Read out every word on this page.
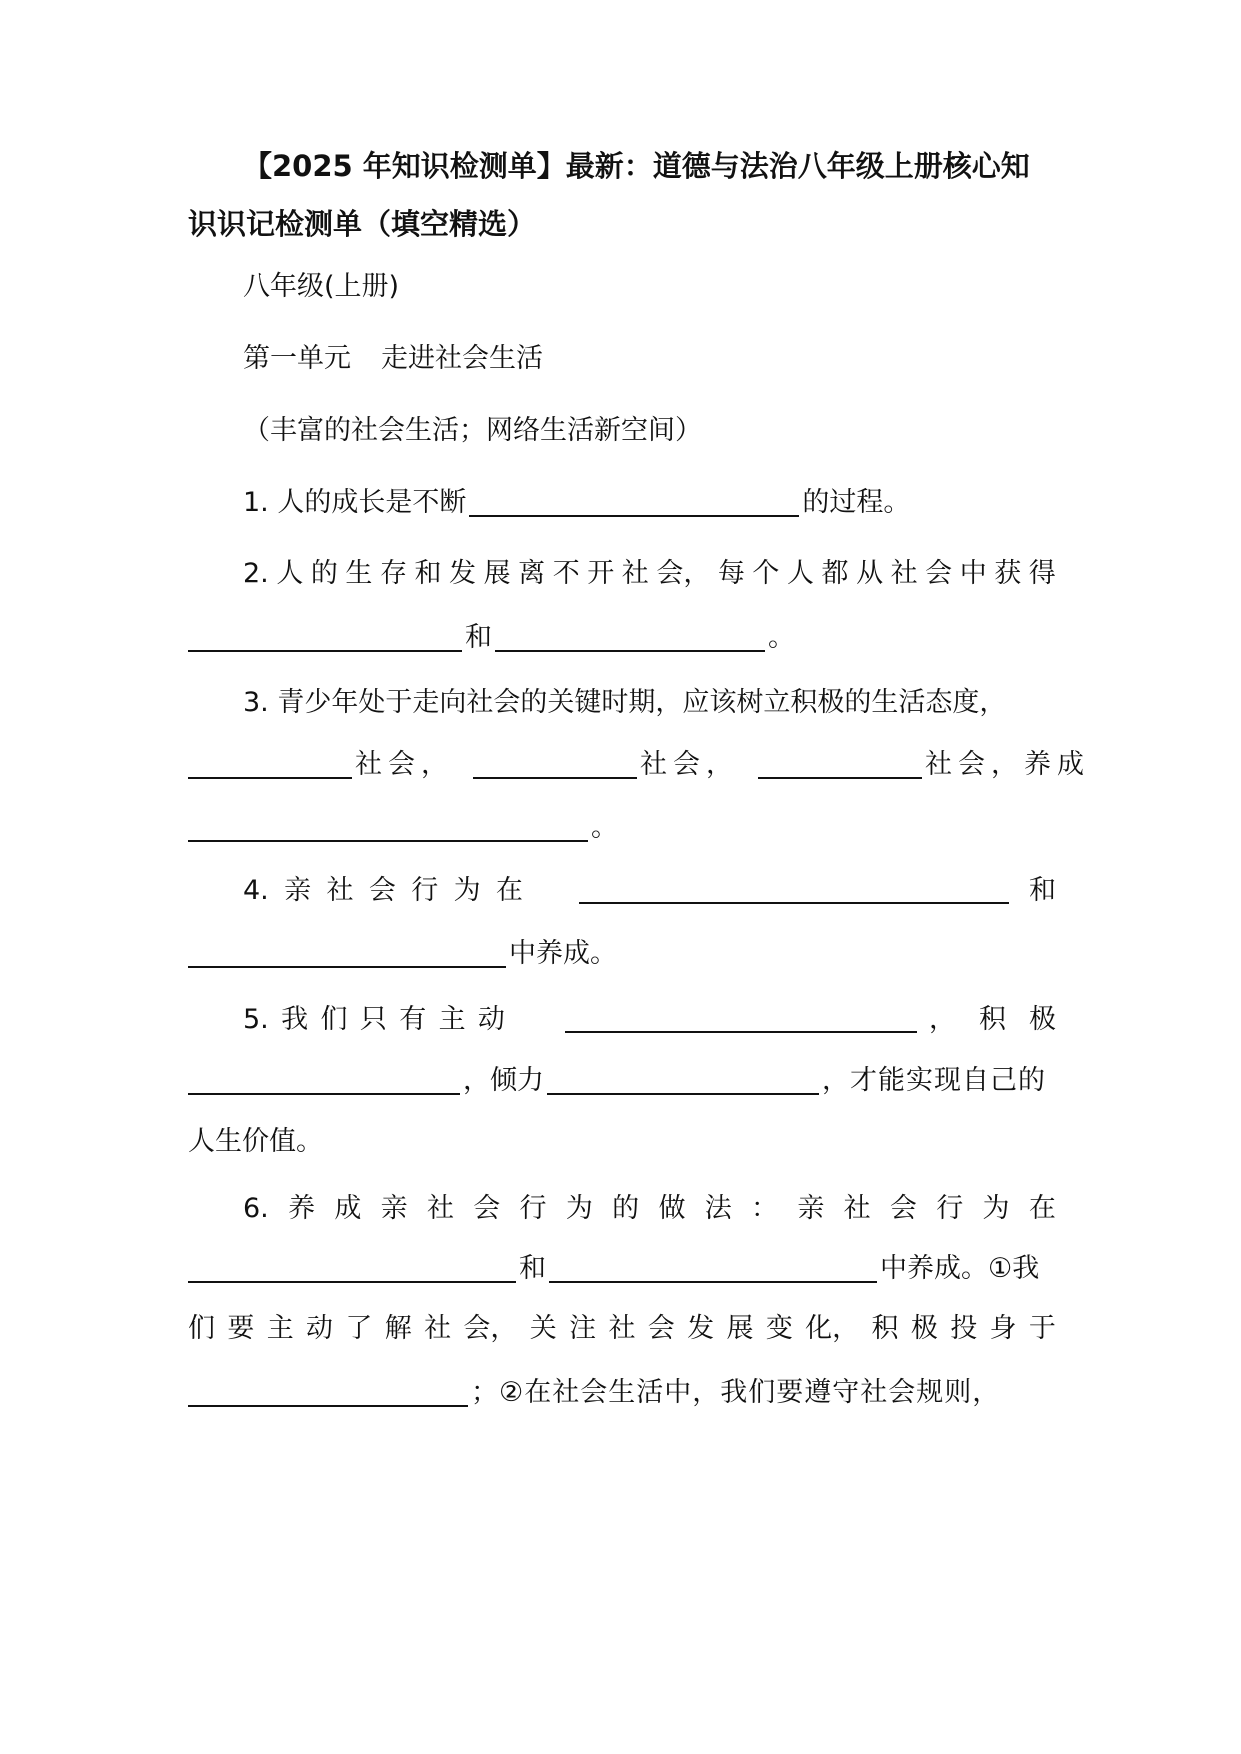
【2025 年知识检测单】最新：道德与法治八年级上册核心知
识识记检测单（填空精选）
八年级(上册)
第一单元 走进社会生活
（丰富的社会生活；网络生活新空间）
1. 人的成长是不断	的过程。
2. 人 的 生 存 和 发 展 离 不 开 社 会， 每 个 人 都 从 社 会 中 获 得
和	。
3. 青少年处于走向社会的关键时期，应该树立积极的生活态度，
社会，	社会，	社会，养成
。
4. 亲 社 会 行 为 在	和
中养成。
5. 我 们 只 有 主 动	， 积 极
，倾力	，才能实现自己的
人生价值。
6. 养 成 亲 社 会 行 为 的 做 法 ： 亲 社 会 行 为 在
和	中养成。①我
们 要 主 动 了 解 社 会， 关 注 社 会 发 展 变 化， 积 极 投 身 于
；②在社会生活中，我们要遵守社会规则，
